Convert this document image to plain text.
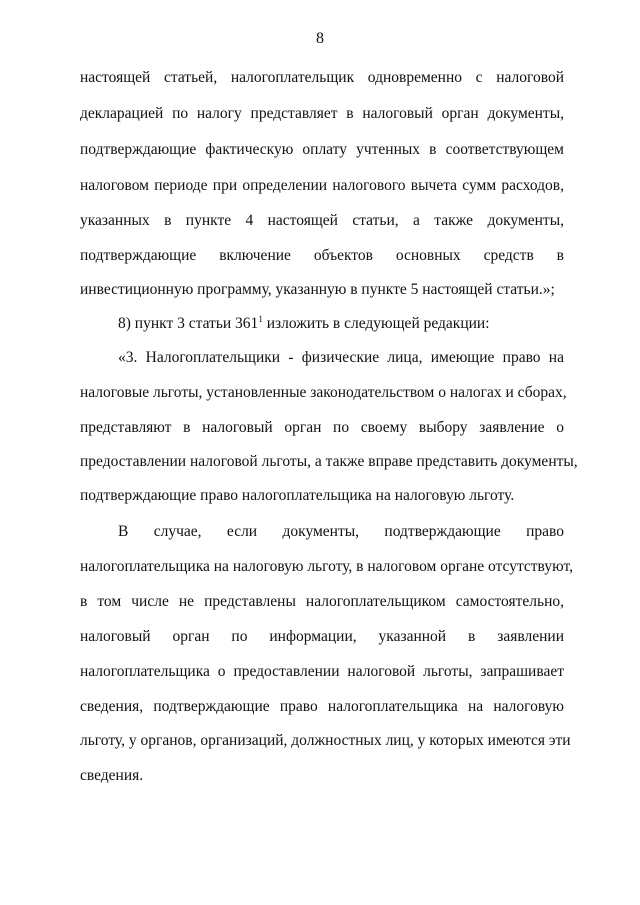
8
настоящей статьей, налогоплательщик одновременно с налоговой
декларацией по налогу представляет в налоговый орган документы,
подтверждающие фактическую оплату учтенных в соответствующем
налоговом периоде при определении налогового вычета сумм расходов,
указанных в пункте 4 настоящей статьи, а также документы,
подтверждающие включение объектов основных средств в
инвестиционную программу, указанную в пункте 5 настоящей статьи.»;
8) пункт 3 статьи $361^1$ изложить в следующей редакции:
«3. Налогоплательщики - физические лица, имеющие право на
налоговые льготы, установленные законодательством о налогах и сборах,
представляют в налоговый орган по своему выбору заявление о
предоставлении налоговой льготы, а также вправе представить документы,
подтверждающие право налогоплательщика на налоговую льготу.
В случае, если документы, подтверждающие право
налогоплательщика на налоговую льготу, в налоговом органе отсутствуют,
в том числе не представлены налогоплательщиком самостоятельно,
налоговый орган по информации, указанной в заявлении
налогоплательщика о предоставлении налоговой льготы, запрашивает
сведения, подтверждающие право налогоплательщика на налоговую
льготу, у органов, организаций, должностных лиц, у которых имеются эти
сведения.
